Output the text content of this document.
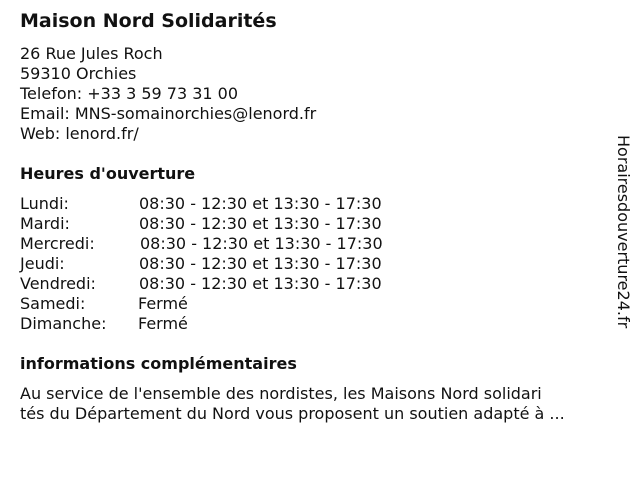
Maison Nord Solidarités
26 Rue Jules Roch
59310 Orchies
Telefon: +33 3 59 73 31 00
Email: MNS-somainorchies@lenord.fr
Web: lenord.fr/
Heures d'ouverture
Lundi:	08:30 - 12:30 et 13:30 - 17:30
Mardi:	08:30 - 12:30 et 13:30 - 17:30
Mercredi:	08:30 - 12:30 et 13:30 - 17:30
Jeudi:	08:30 - 12:30 et 13:30 - 17:30
Vendredi:	08:30 - 12:30 et 13:30 - 17:30
Samedi:	Fermé
Dimanche: Fermé
informations complémentaires
Au service de l'ensemble des nordistes, les Maisons Nord solidari
tés du Département du Nord vous proposent un soutien adapté à ...
Horairesdouverture24.fr
